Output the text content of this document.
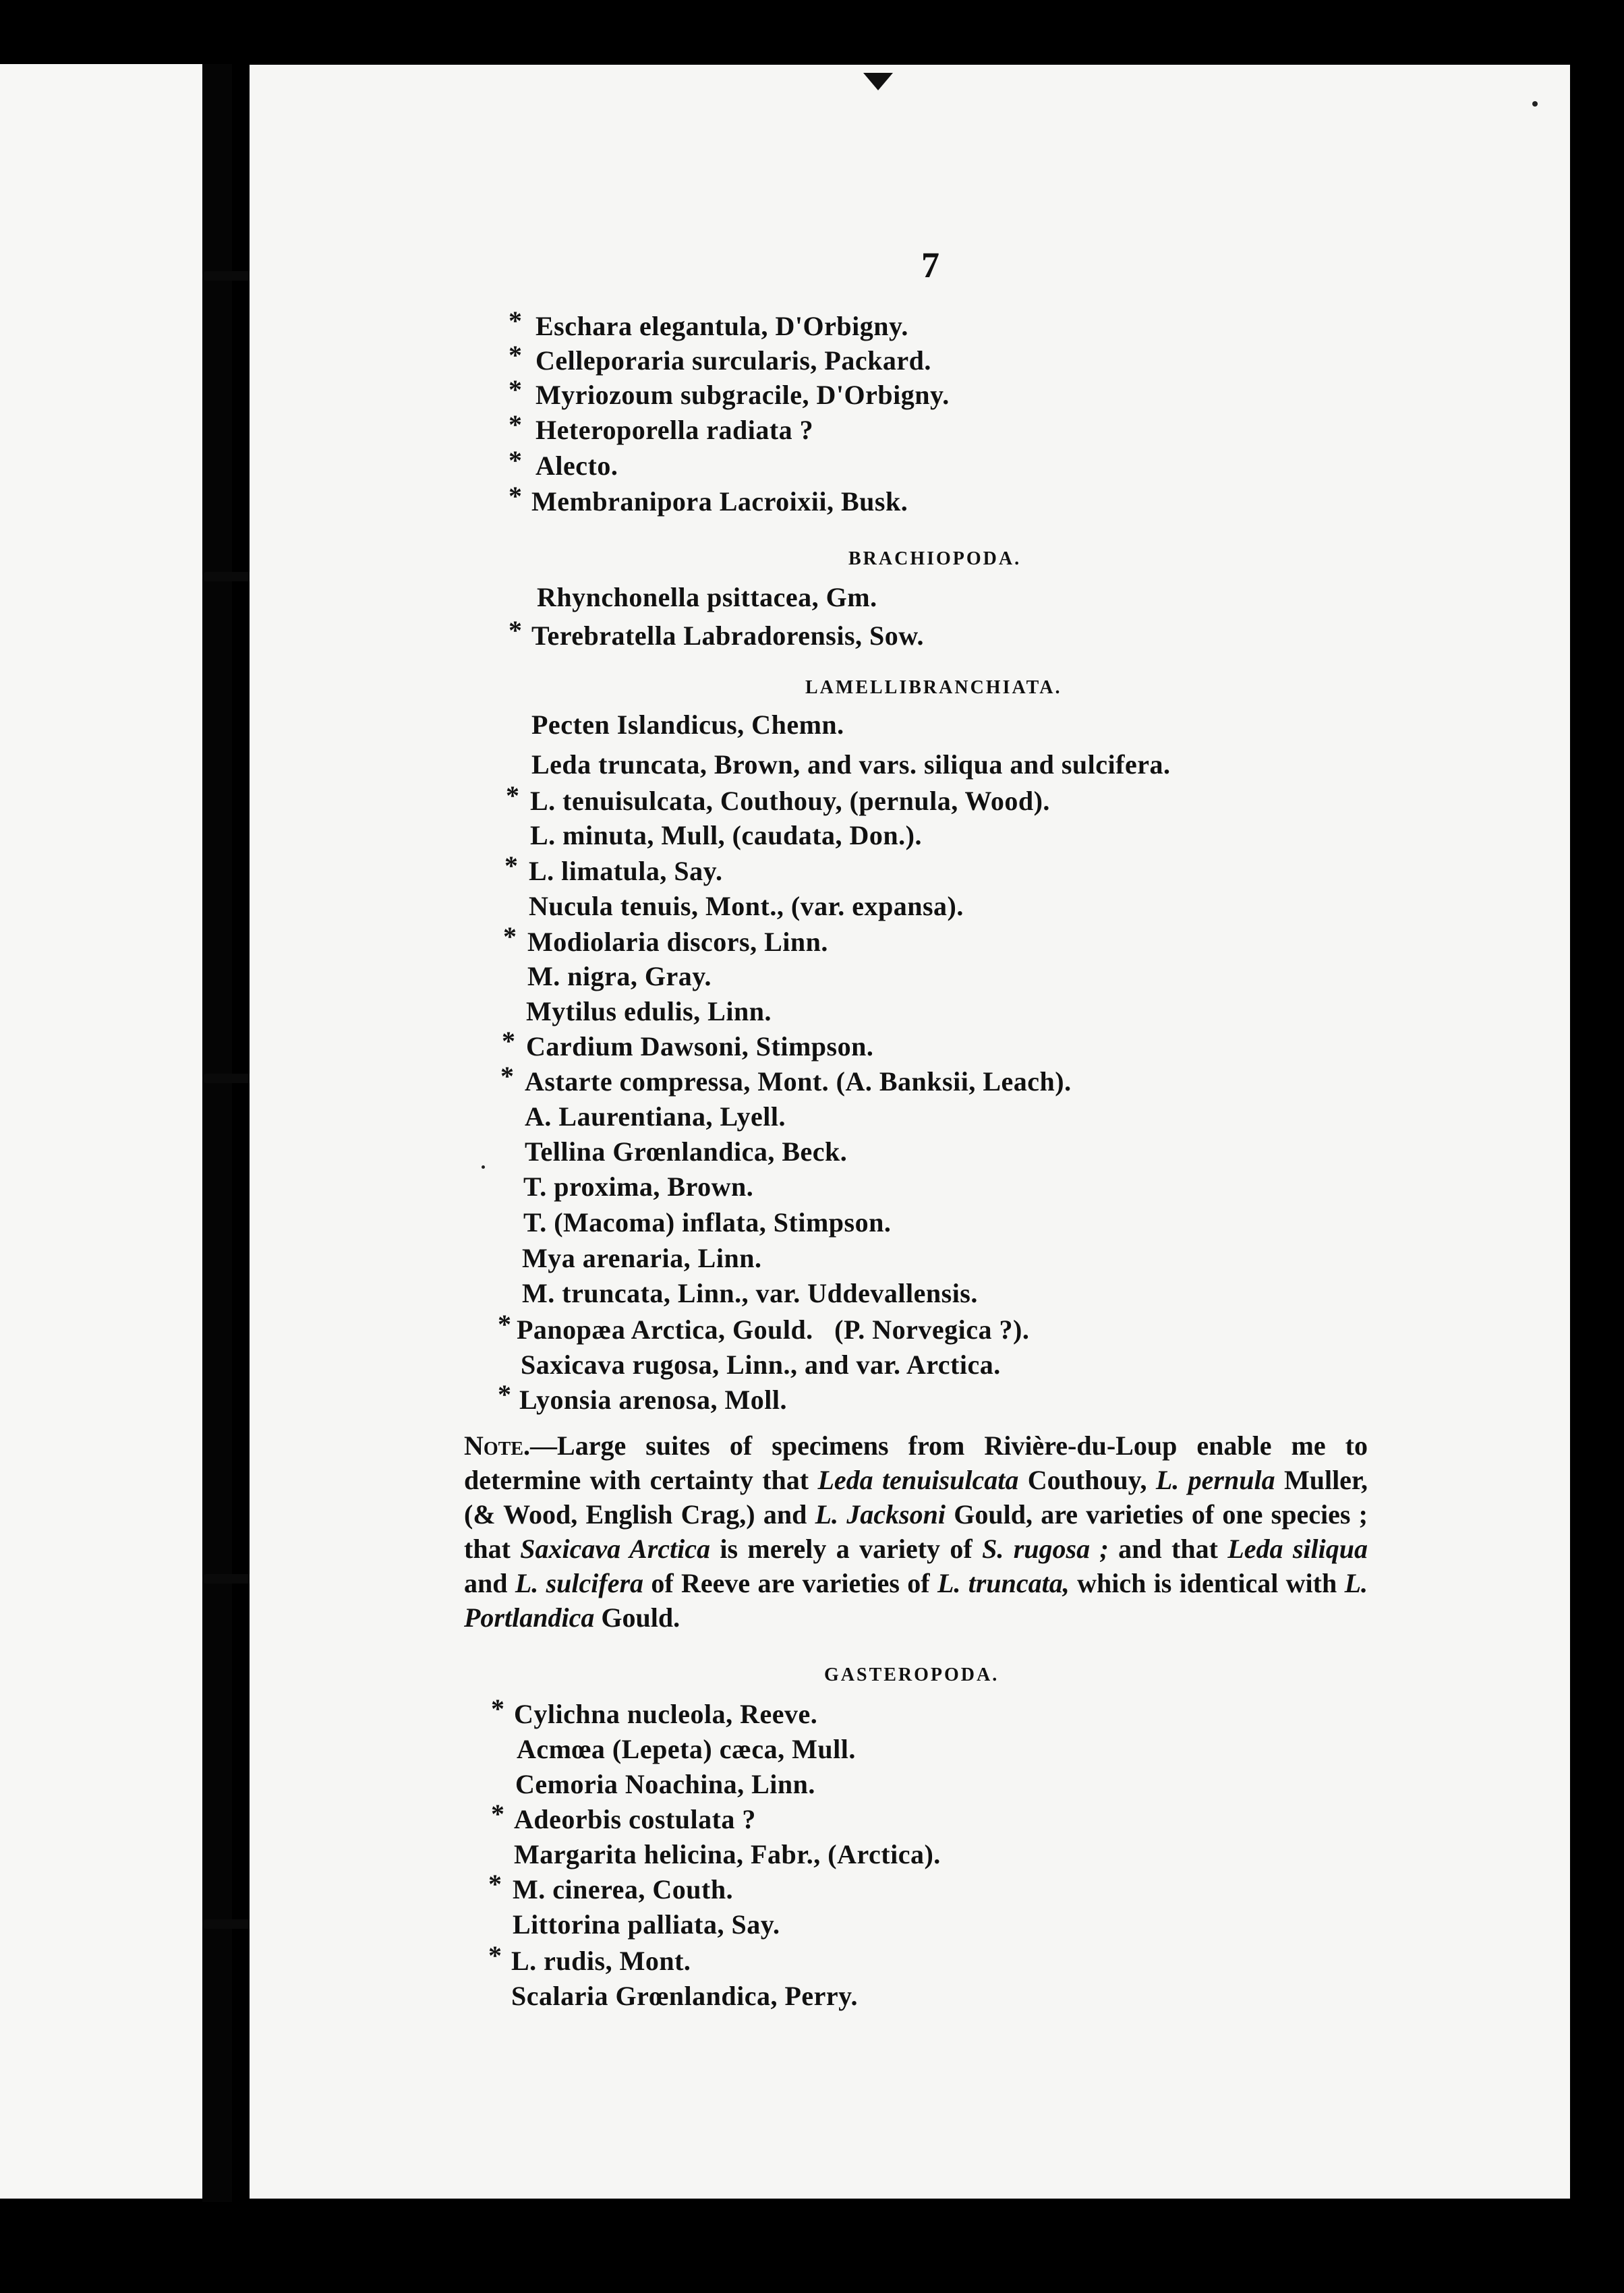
7
* Eschara elegantula, D'Orbigny.
* Celleporaria surcularis, Packard.
* Myriozoum subgracile, D'Orbigny.
* Heteroporella radiata ?
* Alecto.
* Membranipora Lacroixii, Busk.
BRACHIOPODA.
Rhynchonella psittacea, Gm.
* Terebratella Labradorensis, Sow.
LAMELLIBRANCHIATA.
Pecten Islandicus, Chemn.
Leda truncata, Brown, and vars. siliqua and sulcifera.
* L. tenuisulcata, Couthouy, (pernula, Wood).
L. minuta, Mull, (caudata, Don.).
* L. limatula, Say.
Nucula tenuis, Mont., (var. expansa).
* Modiolaria discors, Linn.
M. nigra, Gray.
Mytilus edulis, Linn.
* Cardium Dawsoni, Stimpson.
* Astarte compressa, Mont. (A. Banksii, Leach).
A. Laurentiana, Lyell.
Tellina Grœnlandica, Beck.
T. proxima, Brown.
T. (Macoma) inflata, Stimpson.
Mya arenaria, Linn.
M. truncata, Linn., var. Uddevallensis.
* Panopæa Arctica, Gould.   (P. Norvegica ?).
Saxicava rugosa, Linn., and var. Arctica.
* Lyonsia arenosa, Moll.
Note.—Large suites of specimens from Rivière-du-Loup enable me to determine with certainty that Leda tenuisulcata Couthouy, L. pernula Muller, (& Wood, English Crag,) and L. Jacksoni Gould, are varieties of one species ; that Saxicava Arctica is merely a variety of S. rugosa ; and that Leda siliqua and L. sulcifera of Reeve are varieties of L. truncata, which is identical with L. Portlandica Gould.
GASTEROPODA.
* Cylichna nucleola, Reeve.
Acmœa (Lepeta) cæca, Mull.
Cemoria Noachina, Linn.
* Adeorbis costulata ?
Margarita helicina, Fabr., (Arctica).
* M. cinerea, Couth.
Littorina palliata, Say.
* L. rudis, Mont.
Scalaria Grœnlandica, Perry.
